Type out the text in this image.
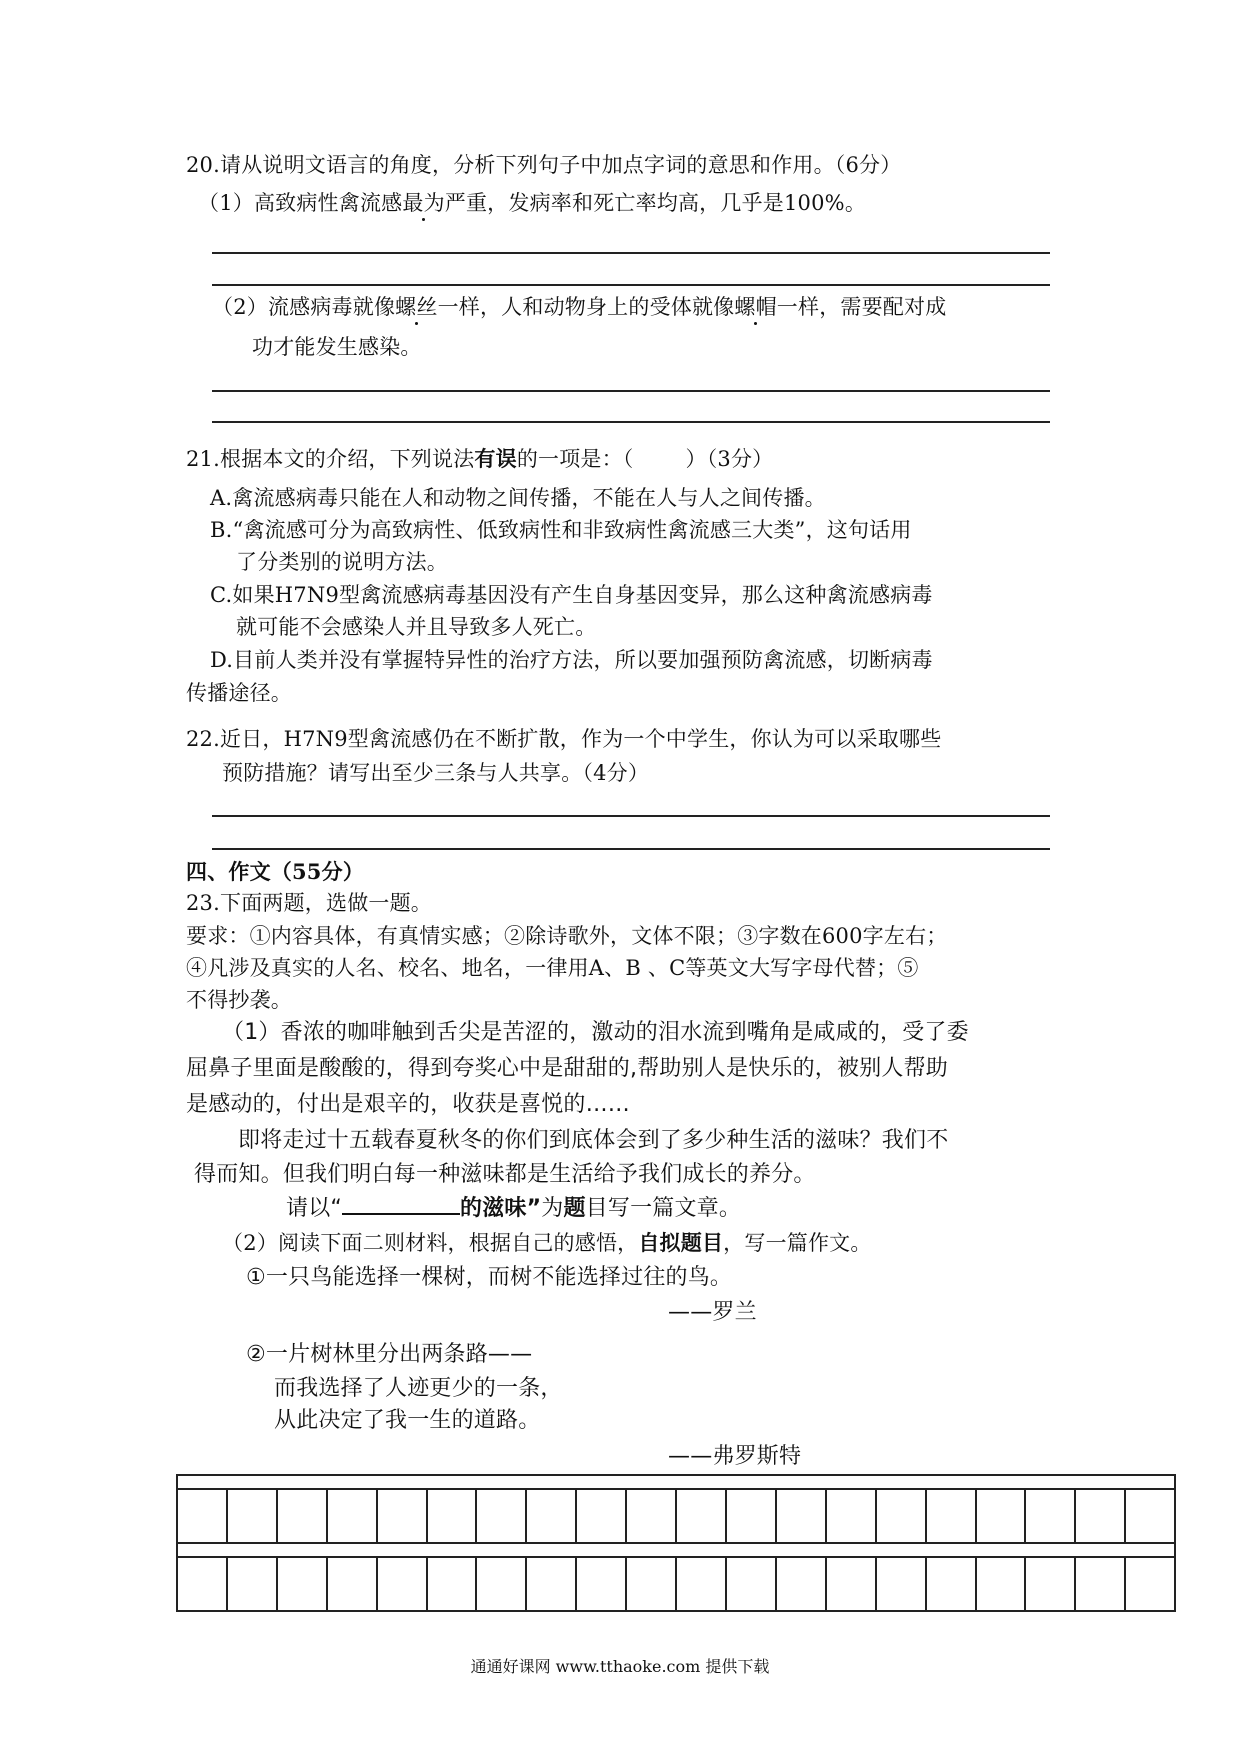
20.请从说明文语言的角度，分析下列句子中加点字词的意思和作用。（6分）
（1）高致病性禽流感最为严重，发病率和死亡率均高，几乎是100%。
（2）流感病毒就像螺丝一样，人和动物身上的受体就像螺帽一样，需要配对成
功才能发生感染。
21.根据本文的介绍，下列说法有误的一项是：（ ）（3分）
A.禽流感病毒只能在人和动物之间传播，不能在人与人之间传播。
B.“禽流感可分为高致病性、低致病性和非致病性禽流感三大类”，这句话用
了分类别的说明方法。
C.如果H7N9型禽流感病毒基因没有产生自身基因变异，那么这种禽流感病毒
就可能不会感染人并且导致多人死亡。
D.目前人类并没有掌握特异性的治疗方法，所以要加强预防禽流感，切断病毒
传播途径。
22.近日，H7N9型禽流感仍在不断扩散，作为一个中学生，你认为可以采取哪些
预防措施？请写出至少三条与人共享。（4分）
四、作文（55分）
23.下面两题，选做一题。
要求：①内容具体，有真情实感；②除诗歌外，文体不限；③字数在600字左右；
④凡涉及真实的人名、校名、地名，一律用A、B 、C等英文大写字母代替；⑤
不得抄袭。
（1）香浓的咖啡触到舌尖是苦涩的，激动的泪水流到嘴角是咸咸的，受了委
屈鼻子里面是酸酸的，得到夸奖心中是甜甜的,帮助别人是快乐的，被别人帮助
是感动的，付出是艰辛的，收获是喜悦的……
即将走过十五载春夏秋冬的你们到底体会到了多少种生活的滋味？我们不
得而知。但我们明白每一种滋味都是生活给予我们成长的养分。
请以“	的滋味”为题目写一篇文章。
（2）阅读下面二则材料，根据自己的感悟，自拟题目，写一篇作文。
①一只鸟能选择一棵树，而树不能选择过往的鸟。
——罗兰
②一片树林里分出两条路——
而我选择了人迹更少的一条，
从此决定了我一生的道路。
——弗罗斯特
通通好课网 www.tthaoke.com 提供下载
